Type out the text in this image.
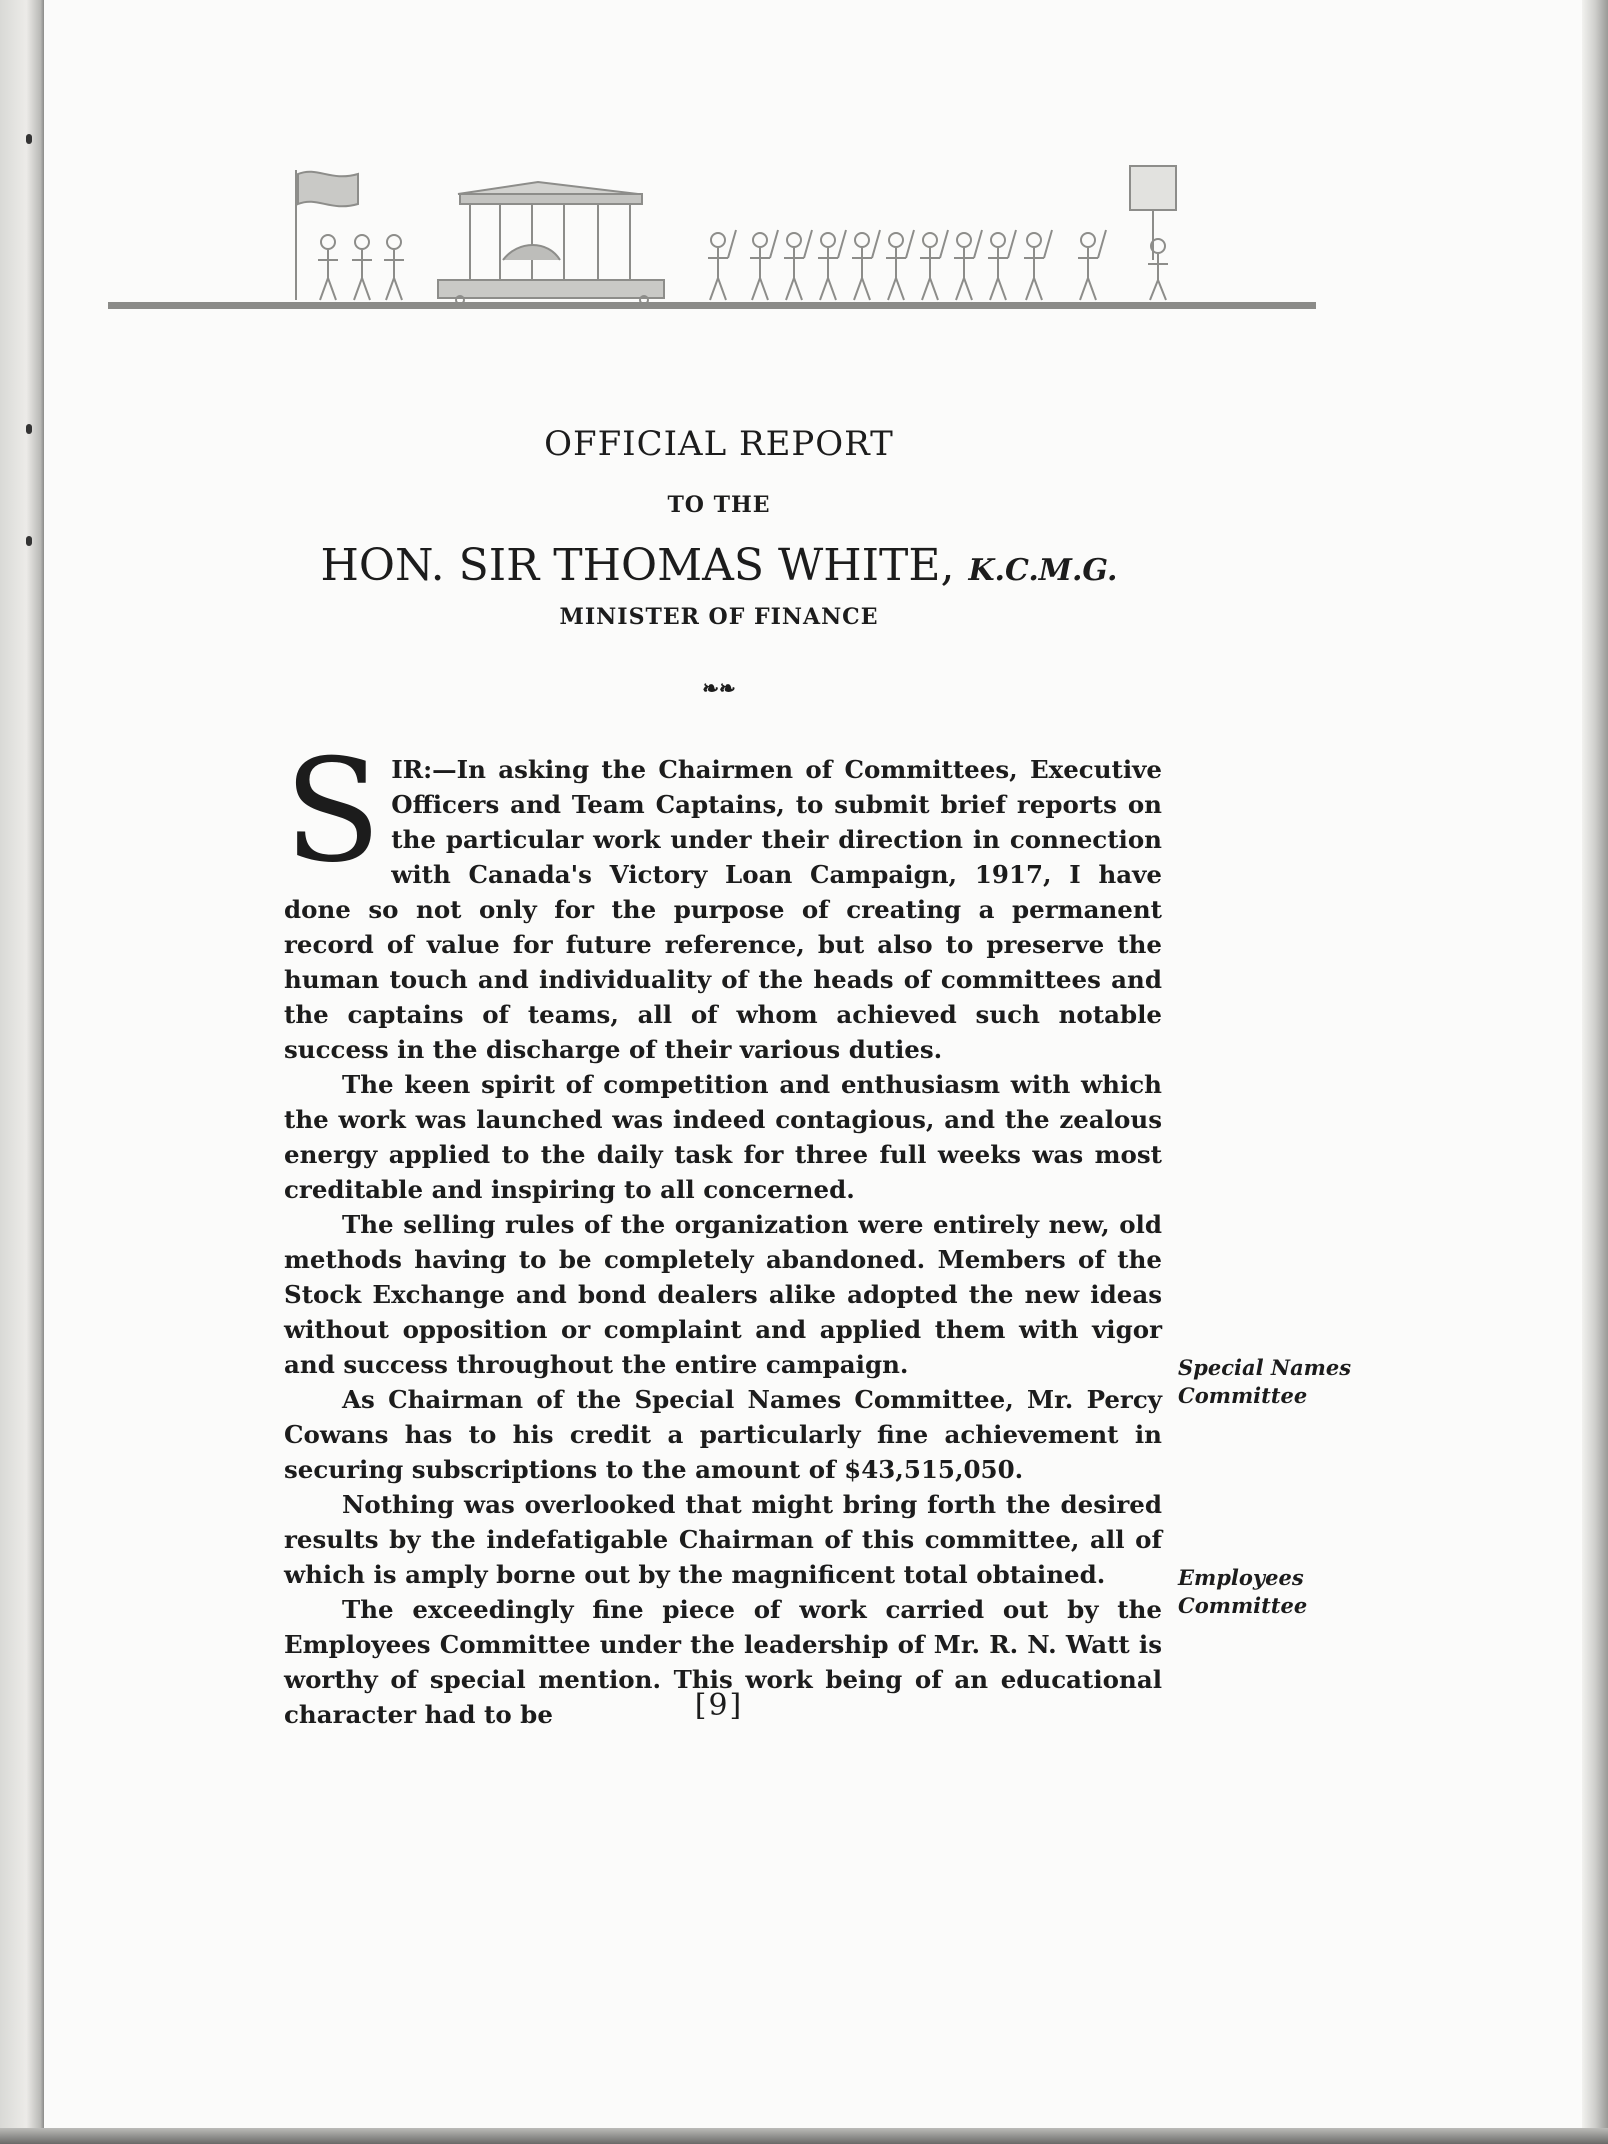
OFFICIAL REPORT
TO THE
HON. SIR THOMAS WHITE, K.C.M.G.
MINISTER OF FINANCE
❧❧

S IR:—In asking the Chairmen of Committees, Executive Officers and Team Captains, to submit brief reports on the particular work under their direction in connection with Canada's Victory Loan Campaign, 1917, I have done so not only for the purpose of creating a permanent record of value for future reference, but also to preserve the human touch and individuality of the heads of committees and the captains of teams, all of whom achieved such notable success in the discharge of their various duties.

The keen spirit of competition and enthusiasm with which the work was launched was indeed contagious, and the zealous energy applied to the daily task for three full weeks was most creditable and inspiring to all concerned.

The selling rules of the organization were entirely new, old methods having to be completely abandoned. Members of the Stock Exchange and bond dealers alike adopted the new ideas without opposition or complaint and applied them with vigor and success throughout the entire campaign.

As Chairman of the Special Names Committee, Mr. Percy Cowans has to his credit a particularly fine achievement in securing subscriptions to the amount of $43,515,050.

Nothing was overlooked that might bring forth the desired results by the indefatigable Chairman of this committee, all of which is amply borne out by the magnificent total obtained.

The exceedingly fine piece of work carried out by the Employees Committee under the leadership of Mr. R. N. Watt is worthy of special mention. This work being of an educational character had to be

Special Names
Committee
Employees
Committee
[9]
